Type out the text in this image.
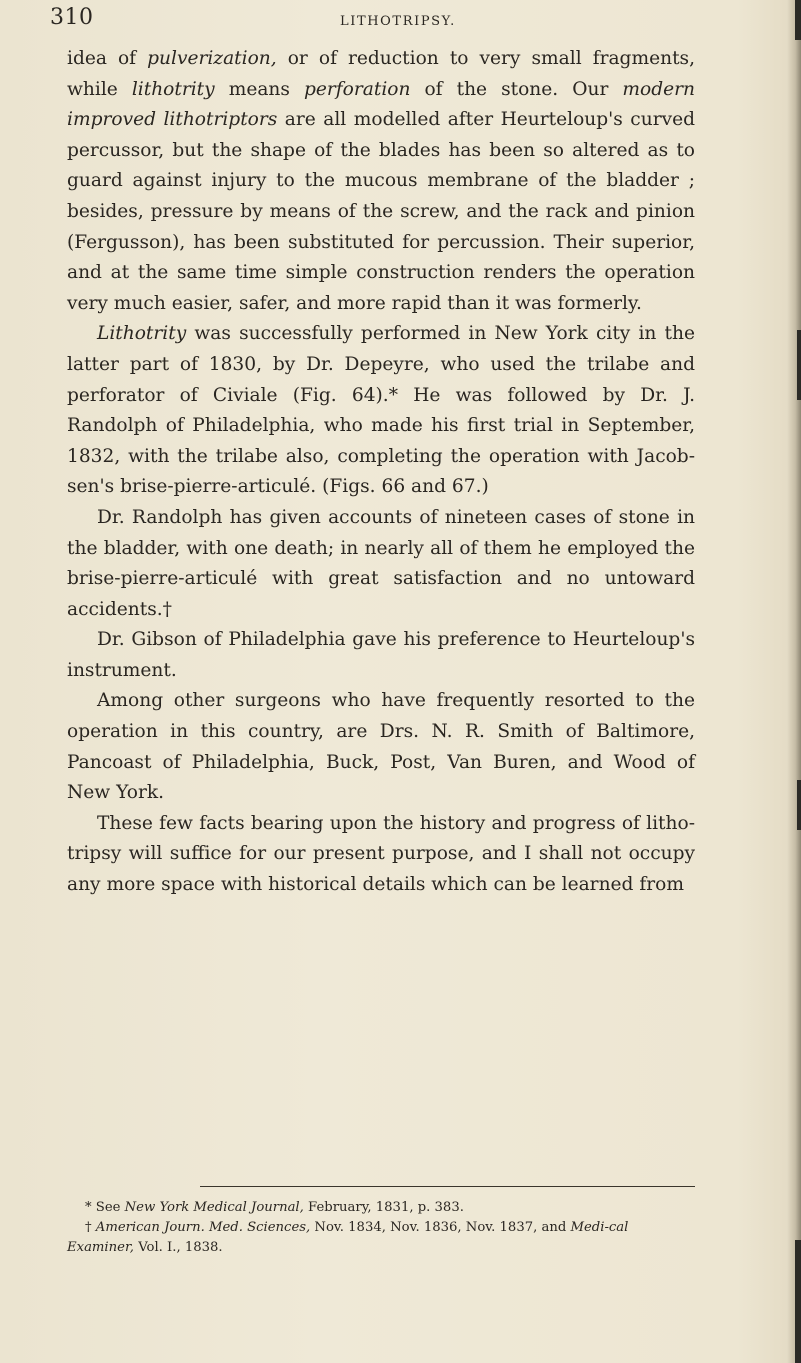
310	LITHOTRIPSY.

idea of pulverization, or of reduction to very small fragments, while lithotrity means perforation of the stone. Our modern improved lithotriptors are all modelled after Heurteloup's curved percussor, but the shape of the blades has been so altered as to guard against injury to the mucous membrane of the bladder ; besides, pressure by means of the screw, and the rack and pinion (Fergusson), has been substituted for percussion. Their superior, and at the same time simple construction renders the operation very much easier, safer, and more rapid than it was formerly.

Lithotrity was successfully performed in New York city in the latter part of 1830, by Dr. Depeyre, who used the trilabe and perforator of Civiale (Fig. 64).* He was followed by Dr. J. Randolph of Philadelphia, who made his first trial in September, 1832, with the trilabe also, completing the operation with Jacob-sen's brise-pierre-articulé. (Figs. 66 and 67.)

Dr. Randolph has given accounts of nineteen cases of stone in the bladder, with one death; in nearly all of them he employed the brise-pierre-articulé with great satisfaction and no untoward accidents.†

Dr. Gibson of Philadelphia gave his preference to Heurteloup's instrument.

Among other surgeons who have frequently resorted to the operation in this country, are Drs. N. R. Smith of Baltimore, Pancoast of Philadelphia, Buck, Post, Van Buren, and Wood of New York.

These few facts bearing upon the history and progress of litho-tripsy will suffice for our present purpose, and I shall not occupy any more space with historical details which can be learned from

* See New York Medical Journal, February, 1831, p. 383.

† American Journ. Med. Sciences, Nov. 1834, Nov. 1836, Nov. 1837, and Medi-cal Examiner, Vol. I., 1838.
